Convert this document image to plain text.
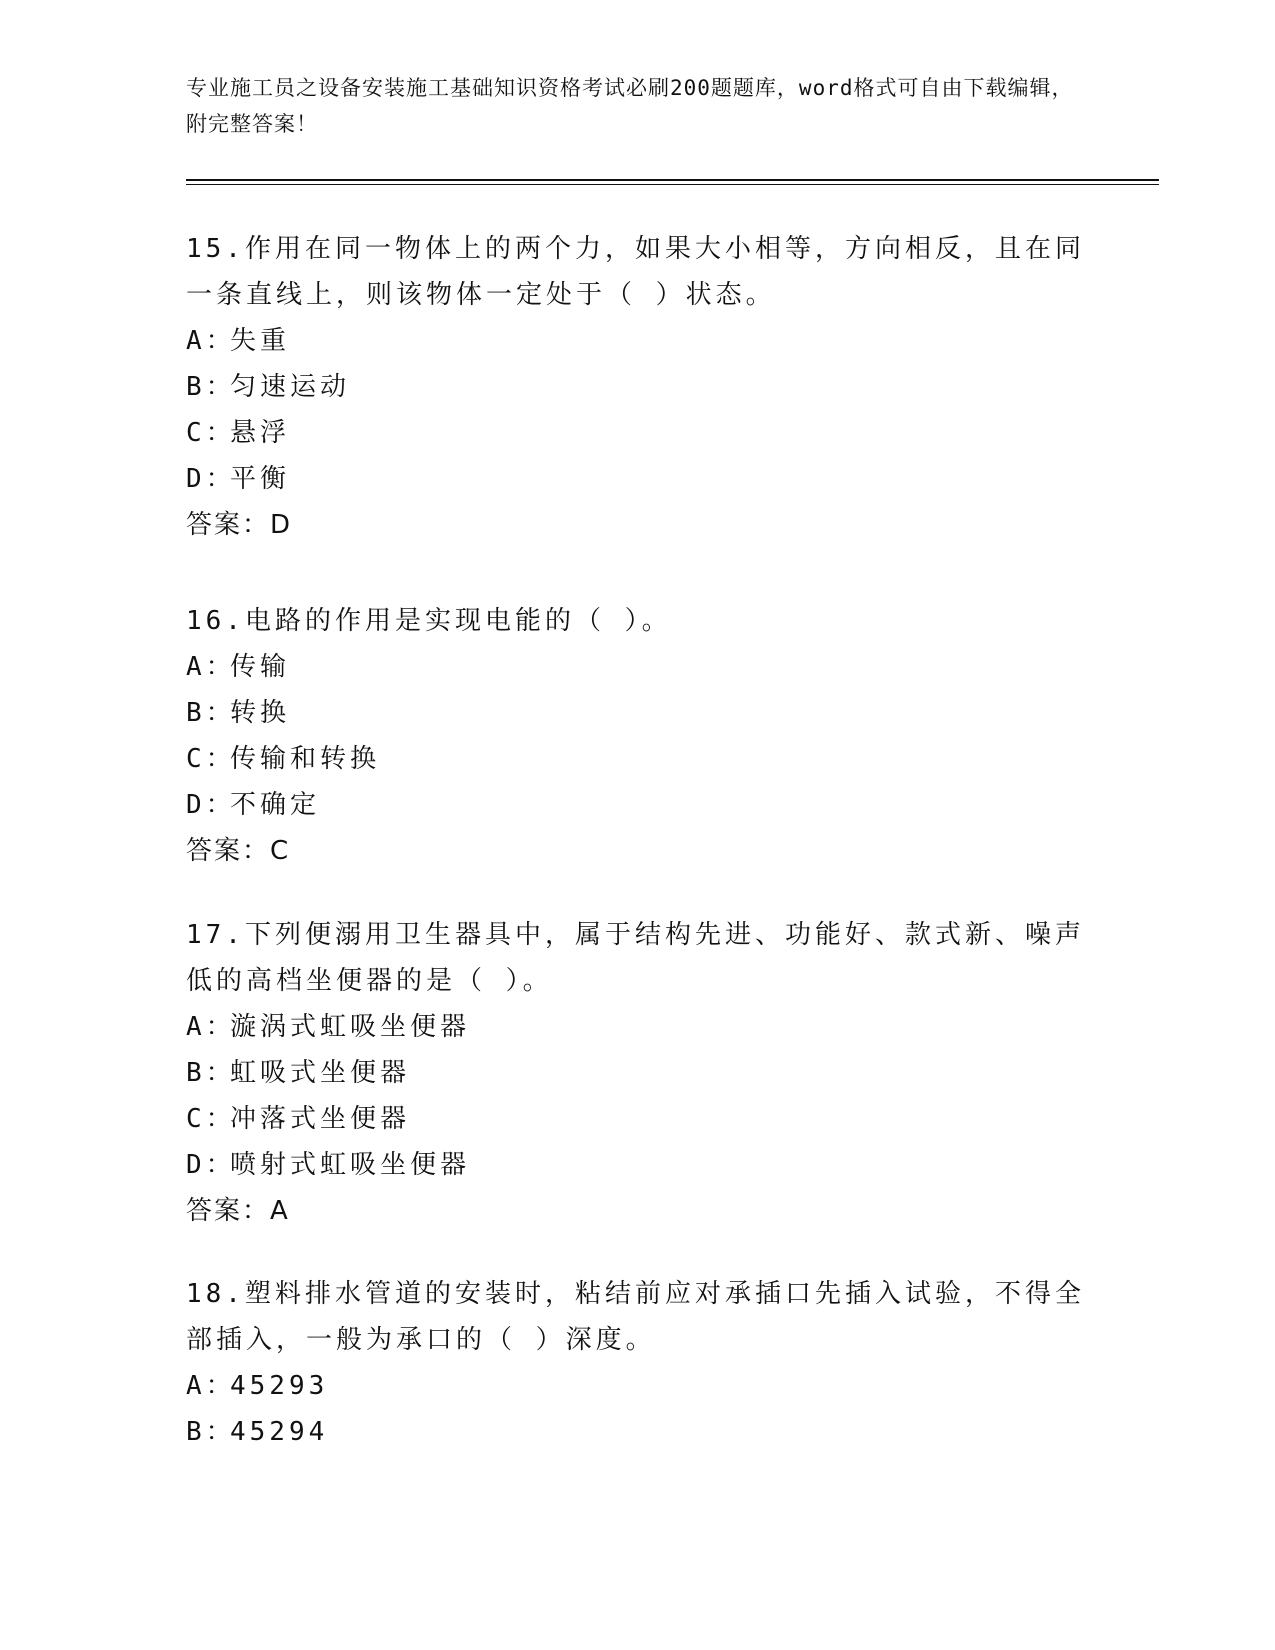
专业施工员之设备安装施工基础知识资格考试必刷200题题库，word格式可自由下载编辑，附完整答案！
15.作用在同一物体上的两个力，如果大小相等，方向相反，且在同一条直线上，则该物体一定处于（ ）状态。
A：失重
B：匀速运动
C：悬浮
D：平衡
答案：D
16.电路的作用是实现电能的（ ）。
A：传输
B：转换
C：传输和转换
D：不确定
答案：C
17.下列便溺用卫生器具中，属于结构先进、功能好、款式新、噪声低的高档坐便器的是（ ）。
A：漩涡式虹吸坐便器
B：虹吸式坐便器
C：冲落式坐便器
D：喷射式虹吸坐便器
答案：A
18.塑料排水管道的安装时，粘结前应对承插口先插入试验，不得全部插入，一般为承口的（ ）深度。
A：45293
B：45294
